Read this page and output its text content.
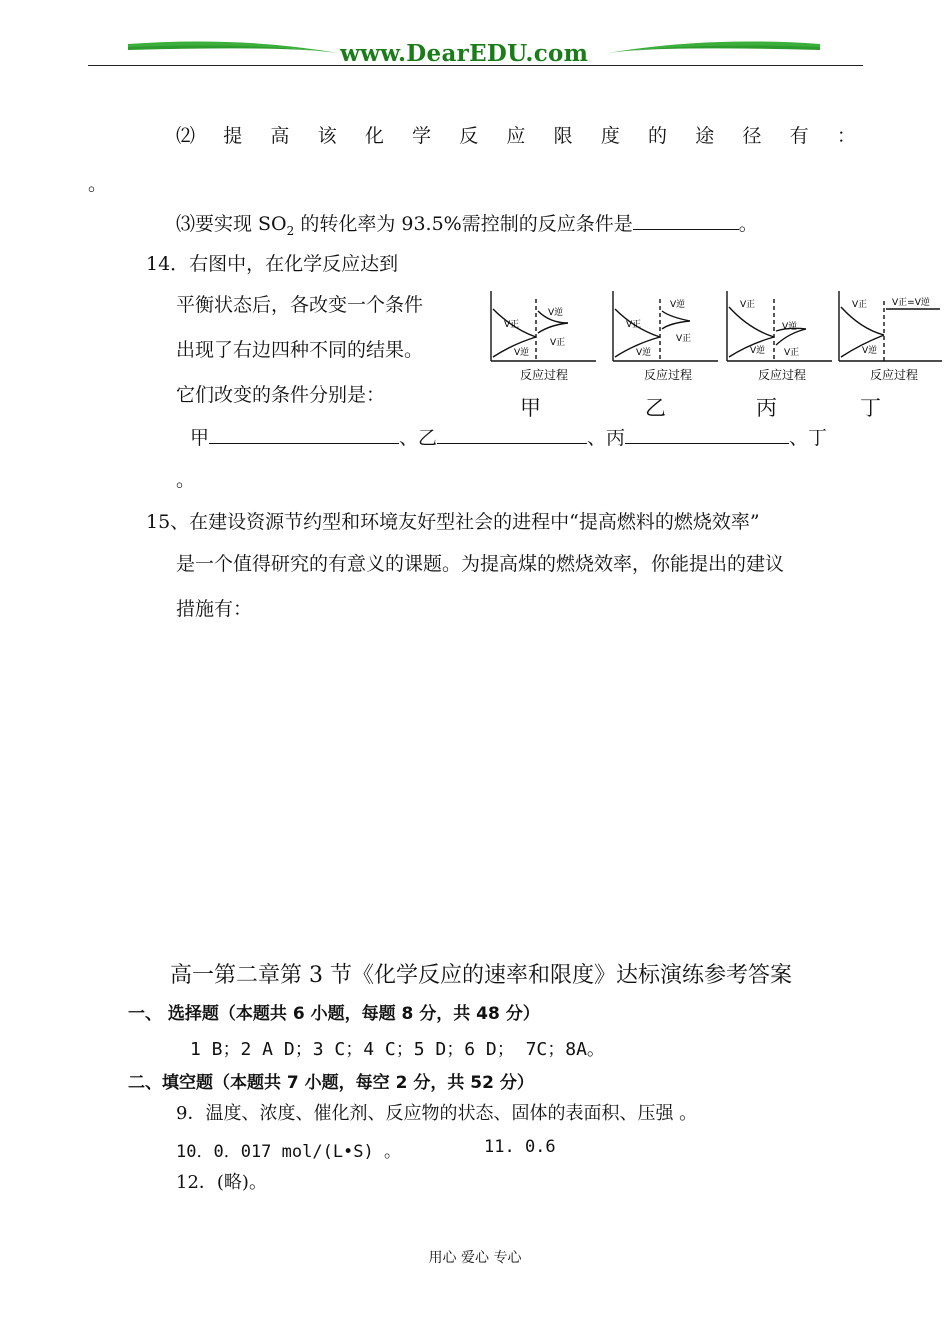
www.DearEDU.com
⑵ 提 高 该 化 学 反 应 限 度 的 途 径 有 ：
。
⑶要实现 $SO_2$ 的转化率为 93.5%需控制的反应条件是	。
14．右图中，在化学反应达到
平衡状态后，各改变一个条件
出现了右边四种不同的结果。
它们改变的条件分别是：
V正
V逆
V逆
V正
反应过程
甲
V正
V逆
V逆
V正
反应过程
乙
V正
V逆
V逆
V正
反应过程
丙
V正
V逆
V正=V逆
反应过程
丁
甲	、乙	、丙	、丁
。
15、在建设资源节约型和环境友好型社会的进程中“提高燃料的燃烧效率”
是一个值得研究的有意义的课题。为提高煤的燃烧效率，你能提出的建议
措施有：
高一第二章第 3 节《化学反应的速率和限度》达标演练参考答案
一、 选择题（本题共 6 小题，每题 8 分，共 48 分）
1 B；2 A D；3 C；4 C；5 D；6 D； 7C；8A。
二、填空题（本题共 7 小题，每空 2 分，共 52 分）
9．温度、浓度、催化剂、反应物的状态、固体的表面积、压强 。
10．0．017 mol/(L•S) 。	11. 0.6
12．(略)。
用心 爱心 专心
